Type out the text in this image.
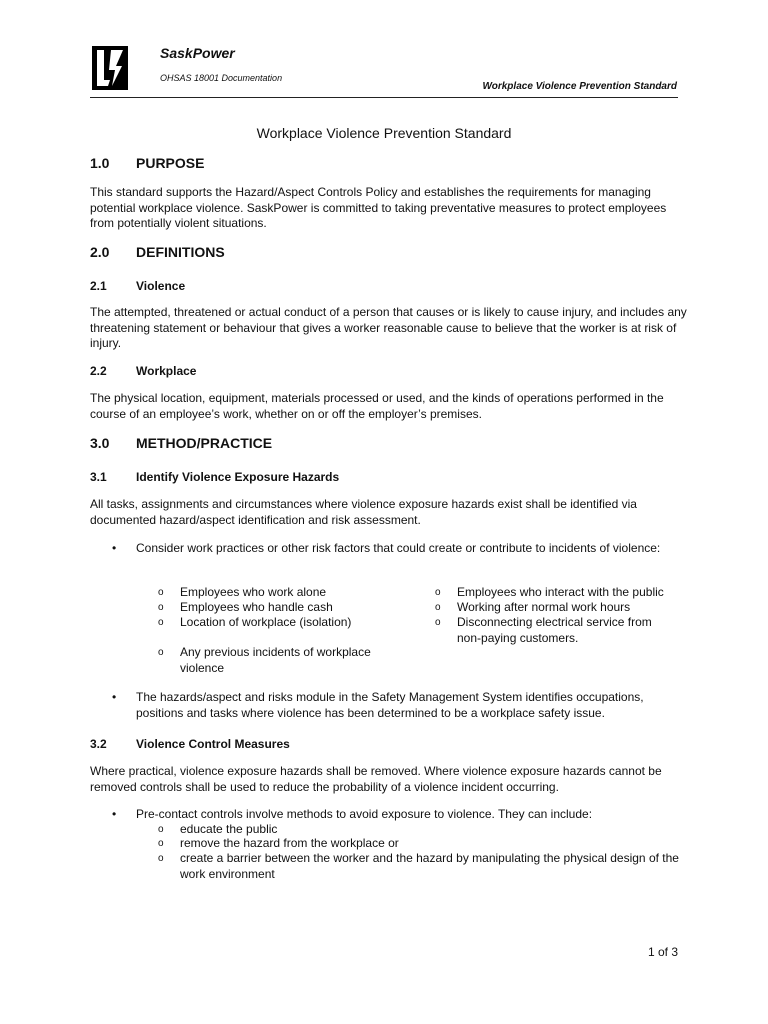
SaskPower
OHSAS 18001 Documentation
Workplace Violence Prevention Standard
Workplace Violence Prevention Standard
1.0 PURPOSE
This standard supports the Hazard/Aspect Controls Policy and establishes the requirements for managing potential workplace violence. SaskPower is committed to taking preventative measures to protect employees from potentially violent situations.
2.0 DEFINITIONS
2.1 Violence
The attempted, threatened or actual conduct of a person that causes or is likely to cause injury, and includes any threatening statement or behaviour that gives a worker reasonable cause to believe that the worker is at risk of injury.
2.2 Workplace
The physical location, equipment, materials processed or used, and the kinds of operations performed in the course of an employee’s work, whether on or off the employer’s premises.
3.0 METHOD/PRACTICE
3.1 Identify Violence Exposure Hazards
All tasks, assignments and circumstances where violence exposure hazards exist shall be identified via documented hazard/aspect identification and risk assessment.
• Consider work practices or other risk factors that could create or contribute to incidents of violence:
o Employees who work alone
o Employees who handle cash
o Location of workplace (isolation)
o Any previous incidents of workplace violence
o Employees who interact with the public
o Working after normal work hours
o Disconnecting electrical service from non-paying customers.
• The hazards/aspect and risks module in the Safety Management System identifies occupations, positions and tasks where violence has been determined to be a workplace safety issue.
3.2 Violence Control Measures
Where practical, violence exposure hazards shall be removed. Where violence exposure hazards cannot be removed controls shall be used to reduce the probability of a violence incident occurring.
• Pre-contact controls involve methods to avoid exposure to violence. They can include:
o educate the public
o remove the hazard from the workplace or
o create a barrier between the worker and the hazard by manipulating the physical design of the work environment
1 of 3
